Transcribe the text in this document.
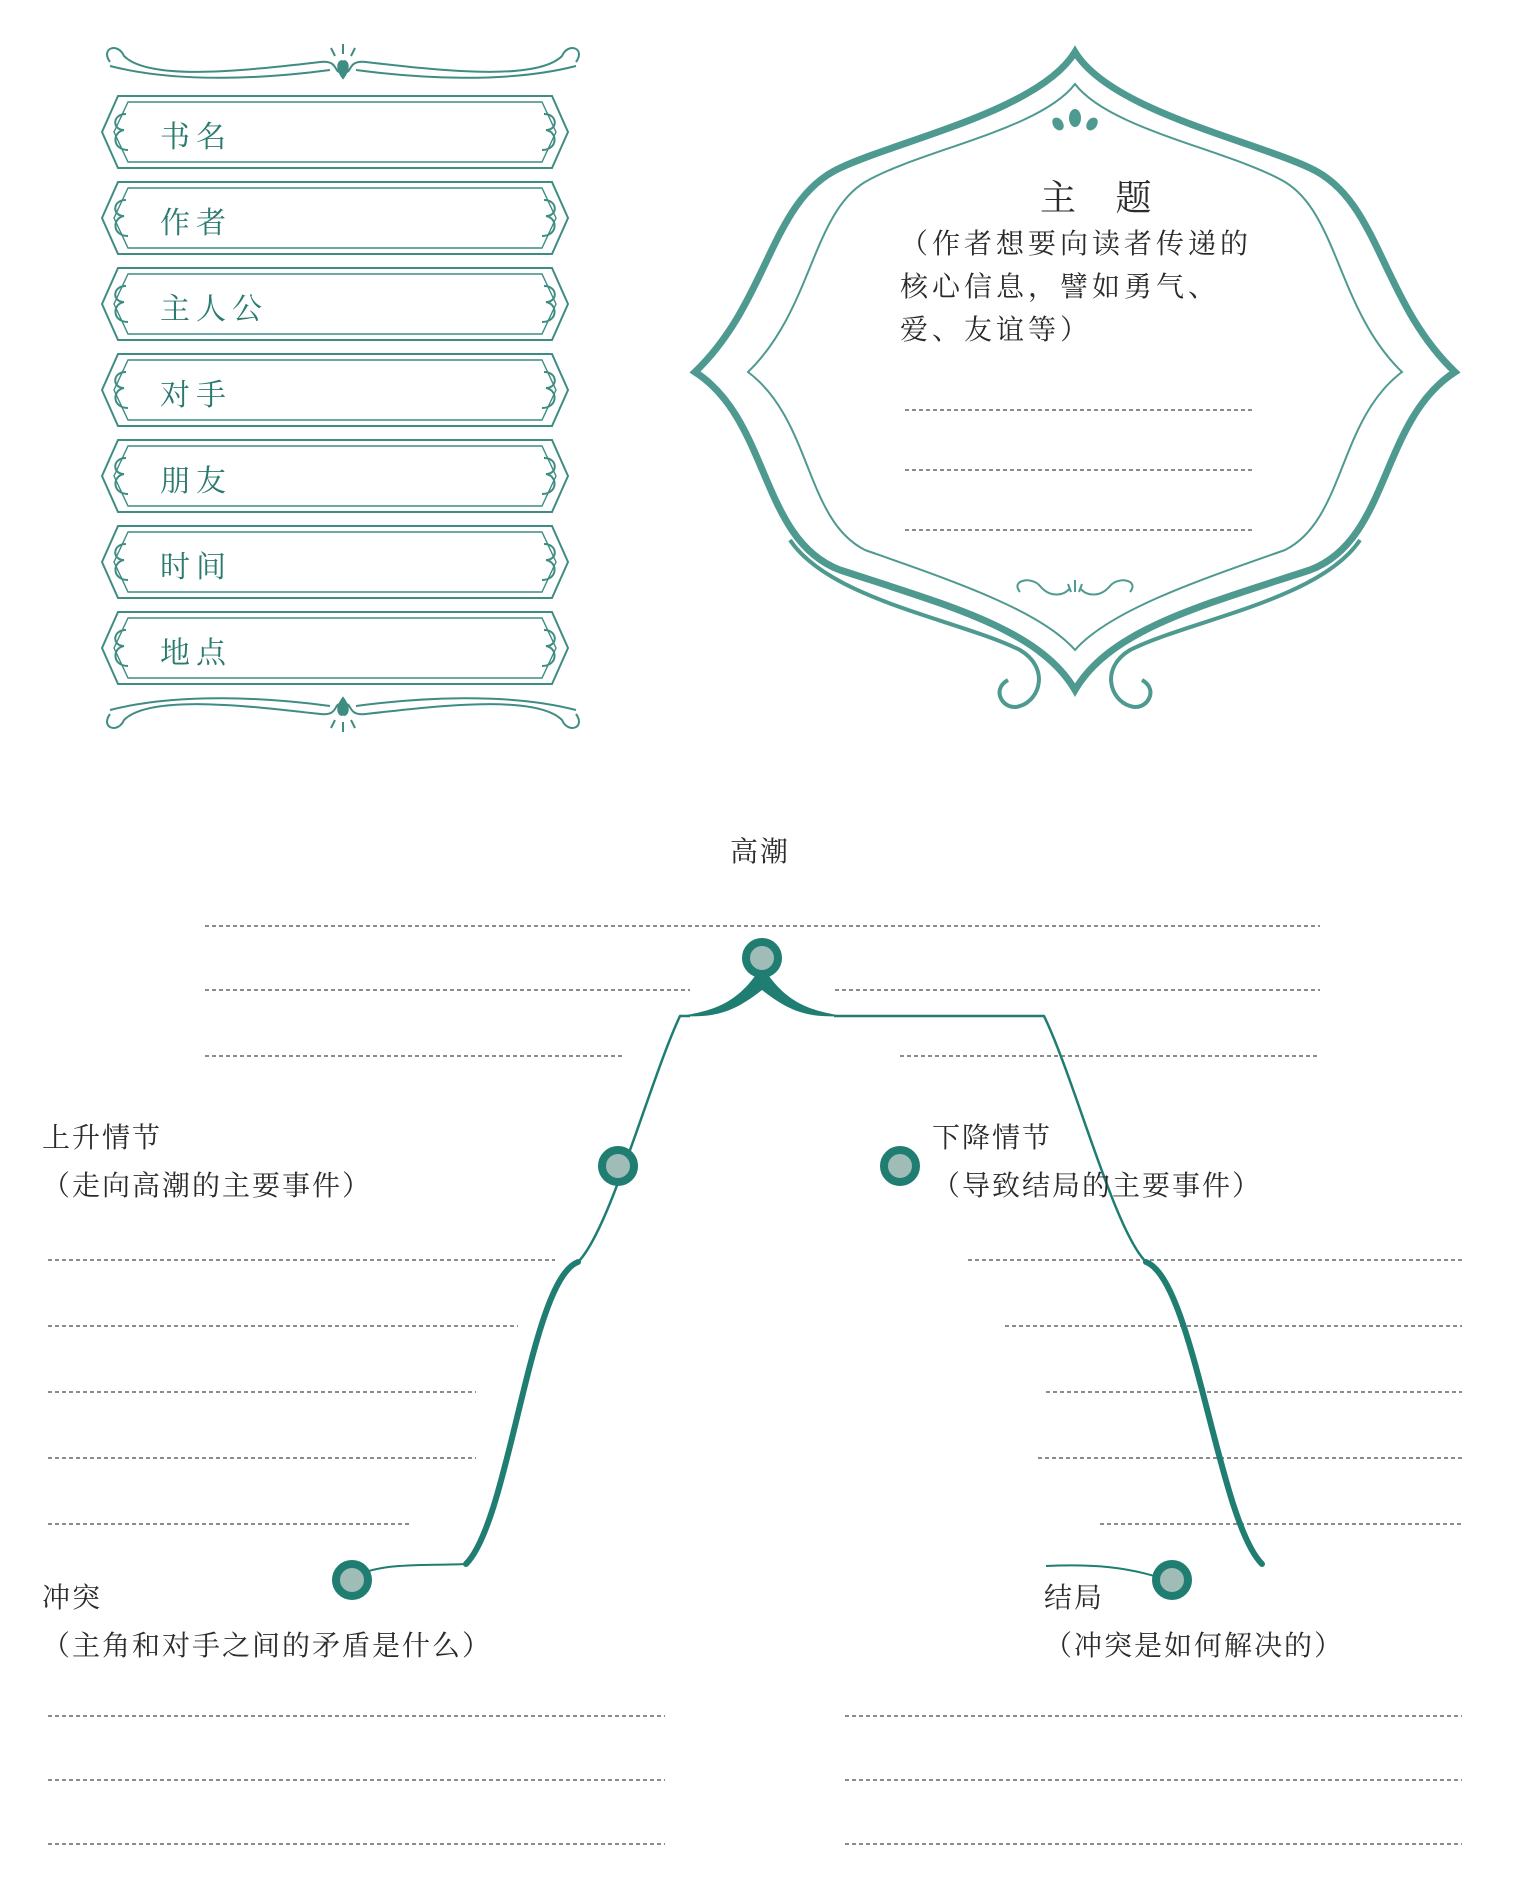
书名
作者
主人公
对手
朋友
时间
地点
主 题
（作者想要向读者传递的核心信息，譬如勇气、爱、友谊等）
高潮
上升情节
（走向高潮的主要事件）
下降情节
（导致结局的主要事件）
冲突
（主角和对手之间的矛盾是什么）
结局
（冲突是如何解决的）
